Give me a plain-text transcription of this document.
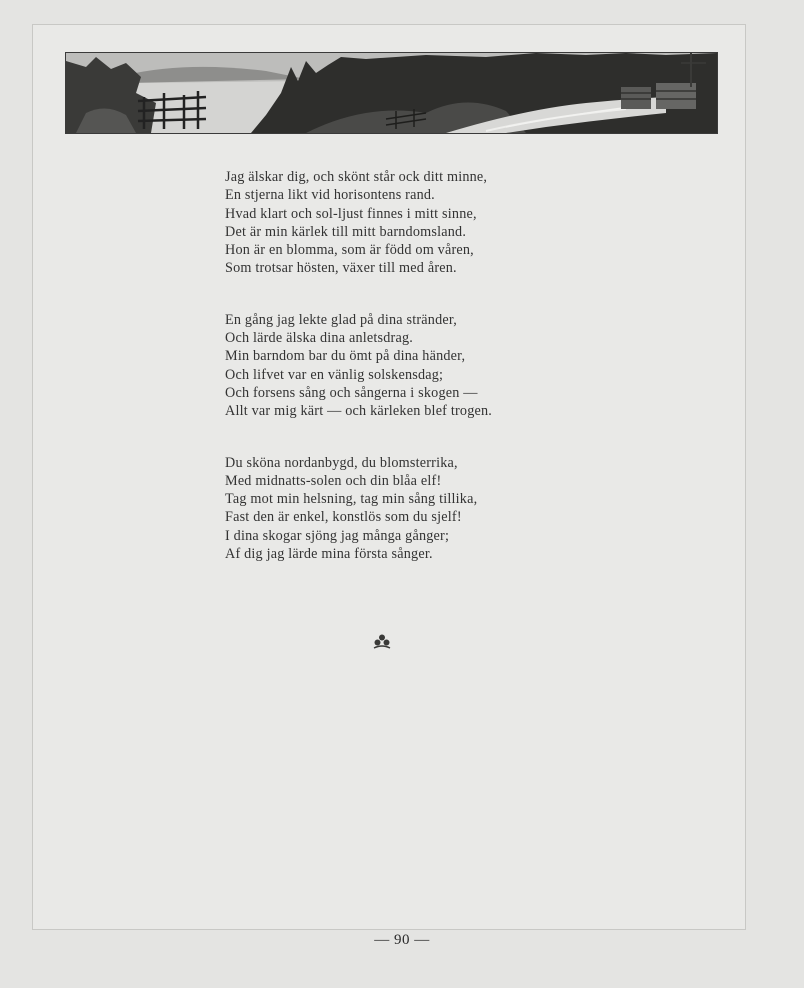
Jag älskar dig, och skönt står ock ditt minne,
En stjerna likt vid horisontens rand.
Hvad klart och sol-ljust finnes i mitt sinne,
Det är min kärlek till mitt barndomsland.
Hon är en blomma, som är född om våren,
Som trotsar hösten, växer till med åren.
En gång jag lekte glad på dina stränder,
Och lärde älska dina anletsdrag.
Min barndom bar du ömt på dina händer,
Och lifvet var en vänlig solskensdag;
Och forsens sång och sångerna i skogen —
Allt var mig kärt — och kärleken blef trogen.
Du sköna nordanbygd, du blomsterrika,
Med midnatts-solen och din blåa elf!
Tag mot min helsning, tag min sång tillika,
Fast den är enkel, konstlös som du sjelf!
I dina skogar sjöng jag många gånger;
Af dig jag lärde mina första sånger.
— 90 —
